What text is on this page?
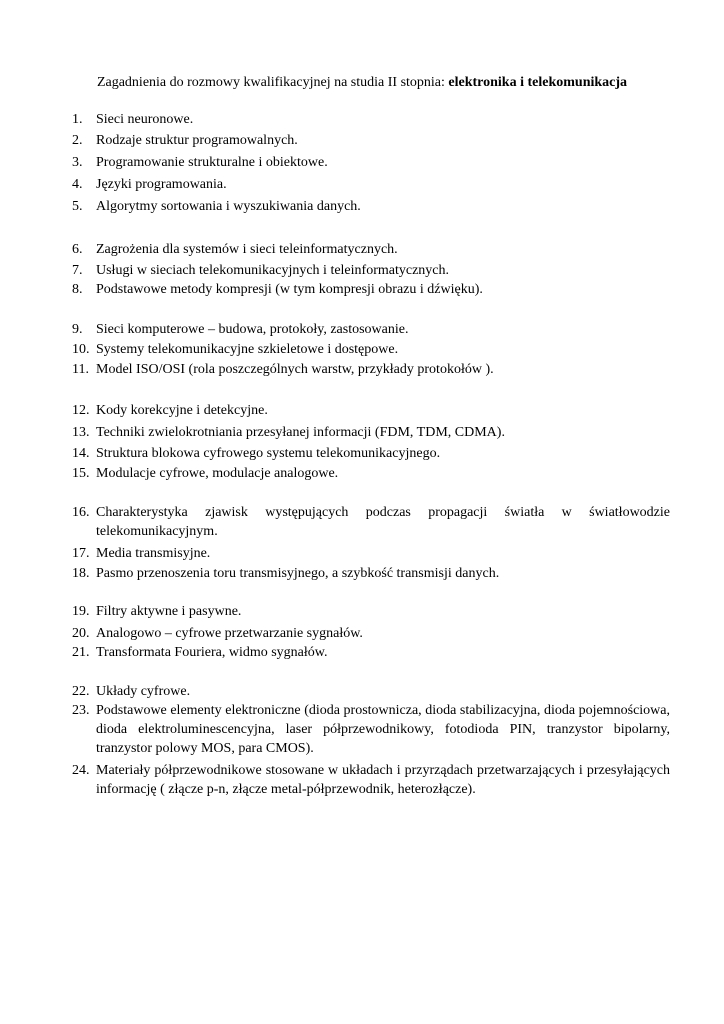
Zagadnienia do rozmowy kwalifikacyjnej na studia II stopnia: elektronika i telekomunikacja
1. Sieci neuronowe.
2. Rodzaje struktur programowalnych.
3. Programowanie strukturalne i obiektowe.
4. Języki programowania.
5. Algorytmy sortowania i wyszukiwania danych.
6. Zagrożenia dla systemów i sieci teleinformatycznych.
7. Usługi w sieciach telekomunikacyjnych i teleinformatycznych.
8. Podstawowe metody kompresji (w tym kompresji obrazu i dźwięku).
9. Sieci komputerowe – budowa, protokoły, zastosowanie.
10. Systemy telekomunikacyjne szkieletowe i dostępowe.
11. Model ISO/OSI (rola poszczególnych warstw, przykłady protokołów ).
12. Kody korekcyjne i detekcyjne.
13. Techniki zwielokrotniania przesyłanej informacji (FDM, TDM, CDMA).
14. Struktura blokowa cyfrowego systemu telekomunikacyjnego.
15. Modulacje cyfrowe, modulacje analogowe.
16. Charakterystyka zjawisk występujących podczas propagacji światła w światłowodzie telekomunikacyjnym.
17. Media transmisyjne.
18. Pasmo przenoszenia toru transmisyjnego, a szybkość transmisji danych.
19. Filtry aktywne i pasywne.
20. Analogowo – cyfrowe przetwarzanie sygnałów.
21. Transformata Fouriera, widmo sygnałów.
22. Układy cyfrowe.
23. Podstawowe elementy elektroniczne (dioda prostownicza, dioda stabilizacyjna, dioda pojemnościowa, dioda elektroluminescencyjna, laser półprzewodnikowy, fotodioda PIN, tranzystor bipolarny, tranzystor polowy MOS, para CMOS).
24. Materiały półprzewodnikowe stosowane w układach i przyrządach przetwarzających i przesyłających informację ( złącze p-n, złącze metal-półprzewodnik, heterozłącze).
